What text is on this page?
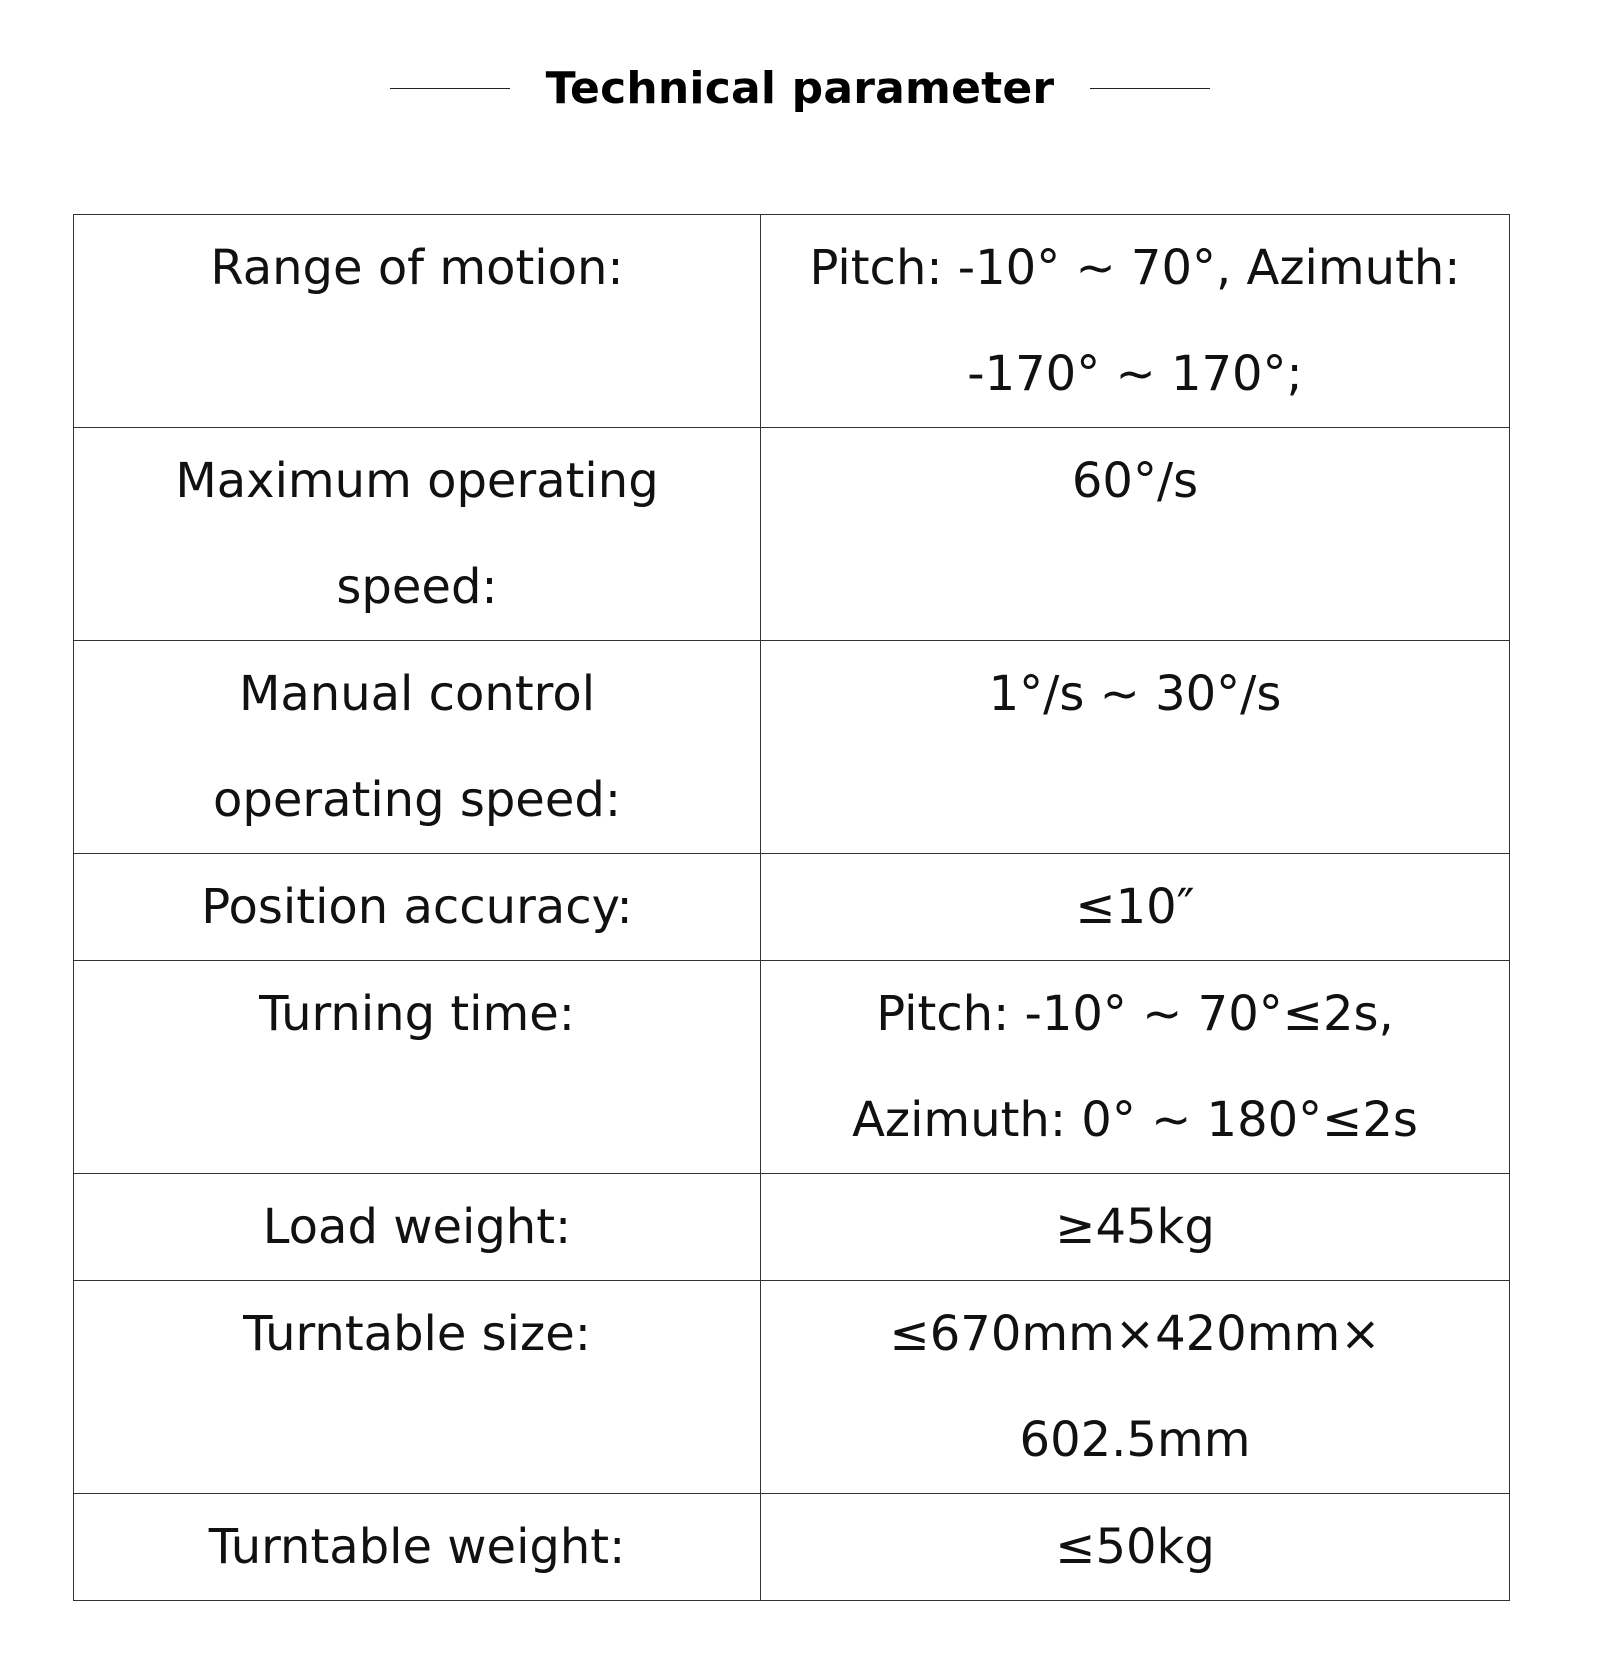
Technical parameter
Range of motion:	Pitch: -10° ~ 70°, Azimuth:
-170° ~ 170°;
Maximum operating
speed:	60°/s
Manual control
operating speed:	1°/s ~ 30°/s
Position accuracy:	≤10″
Turning time:	Pitch: -10° ~ 70°≤2s,
Azimuth: 0° ~ 180°≤2s
Load weight:	≥45kg
Turntable size:	≤670mm×420mm×
602.5mm
Turntable weight:	≤50kg
